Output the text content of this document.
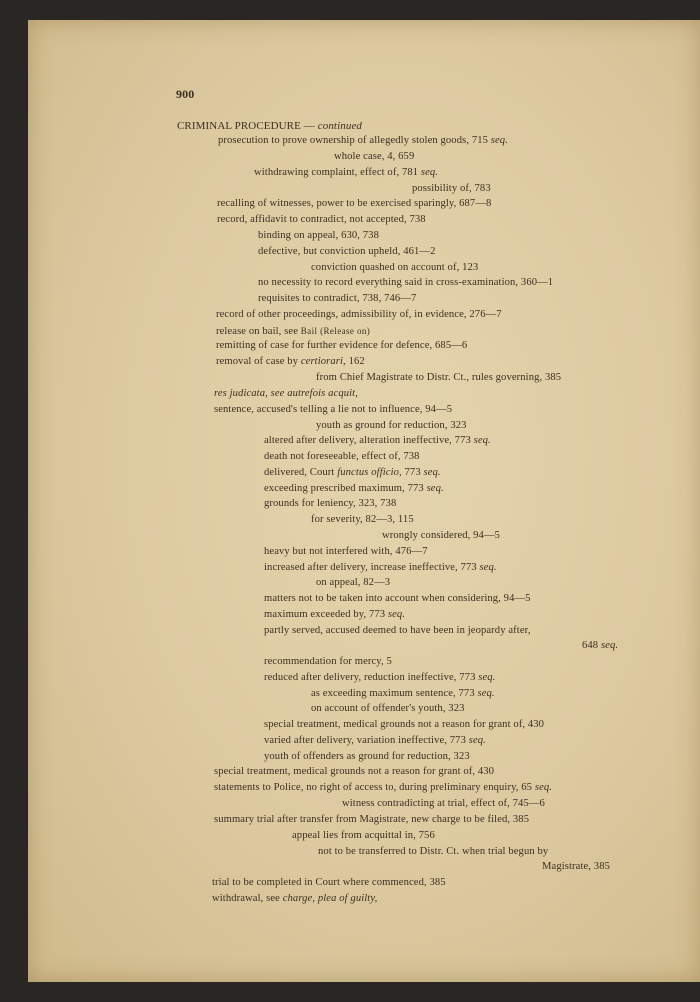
900
CRIMINAL PROCEDURE — continued
prosecution to prove ownership of allegedly stolen goods, 715 seq.
whole case, 4, 659
withdrawing complaint, effect of, 781 seq.
possibility of, 783
recalling of witnesses, power to be exercised sparingly, 687—8
record, affidavit to contradict, not accepted, 738
binding on appeal, 630, 738
defective, but conviction upheld, 461—2
conviction quashed on account of, 123
no necessity to record everything said in cross-examination, 360—1
requisites to contradict, 738, 746—7
record of other proceedings, admissibility of, in evidence, 276—7
release on bail, see Bail (Release on)
remitting of case for further evidence for defence, 685—6
removal of case by certiorari, 162
from Chief Magistrate to Distr. Ct., rules governing, 385
res judicata, see autrefois acquit,
sentence, accused's telling a lie not to influence, 94—5
youth as ground for reduction, 323
altered after delivery, alteration ineffective, 773 seq.
death not foreseeable, effect of, 738
delivered, Court functus officio, 773 seq.
exceeding prescribed maximum, 773 seq.
grounds for leniency, 323, 738
for severity, 82—3, 115
wrongly considered, 94—5
heavy but not interfered with, 476—7
increased after delivery, increase ineffective, 773 seq.
on appeal, 82—3
matters not to be taken into account when considering, 94—5
maximum exceeded by, 773 seq.
partly served, accused deemed to have been in jeopardy after,
648 seq.
recommendation for mercy, 5
reduced after delivery, reduction ineffective, 773 seq.
as exceeding maximum sentence, 773 seq.
on account of offender's youth, 323
special treatment, medical grounds not a reason for grant of, 430
varied after delivery, variation ineffective, 773 seq.
youth of offenders as ground for reduction, 323
special treatment, medical grounds not a reason for grant of, 430
statements to Police, no right of access to, during preliminary enquiry, 65 seq.
witness contradicting at trial, effect of, 745—6
summary trial after transfer from Magistrate, new charge to be filed, 385
appeal lies from acquittal in, 756
not to be transferred to Distr. Ct. when trial begun by
Magistrate, 385
trial to be completed in Court where commenced, 385
withdrawal, see charge, plea of guilty,
